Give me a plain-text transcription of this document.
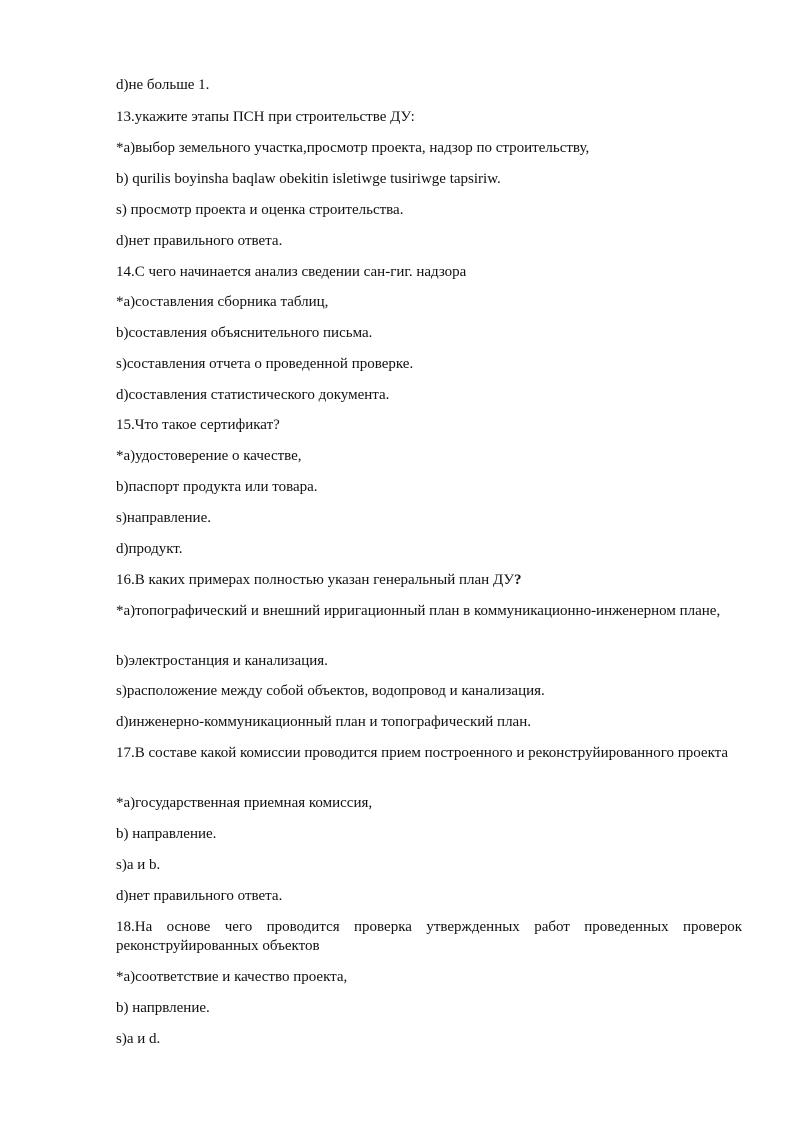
d)не больше 1.
13.укажите этапы ПСН при строительстве ДУ:
*а)выбор земельного участка,просмотр проекта, надзор по строительству,
b) qurilis boyinsha baqlaw obekitin isletiwge tusiriwge tapsiriw.
s) просмотр проекта и оценка строительства.
d)нет правильного ответа.
14.С чего начинается анализ сведении сан-гиг. надзора
*а)составления сборника таблиц,
b)составления объяснительного письма.
s)составления отчета о проведенной проверке.
d)составления статистического документа.
15.Что такое сертификат?
*а)удостоверение о качестве,
b)паспорт продукта или товара.
s)направление.
d)продукт.
16.В каких примерах полностью указан генеральный план ДУ?
*а)топографический и внешний ирригационный план в коммуникационно-инженерном плане,
b)электростанция и канализация.
s)расположение между собой объектов, водопровод и канализация.
d)инженерно-коммуникационный план и топографический план.
17.В составе какой комиссии проводится прием построенного и реконструйированного проекта
*а)государственная приемная комиссия,
b) направление.
s)a и b.
d)нет правильного ответа.
18.На основе чего проводится проверка утвержденных работ проведенных проверок реконструйированных объектов
*а)соответствие и качество проекта,
b) напрвление.
s)a и d.
